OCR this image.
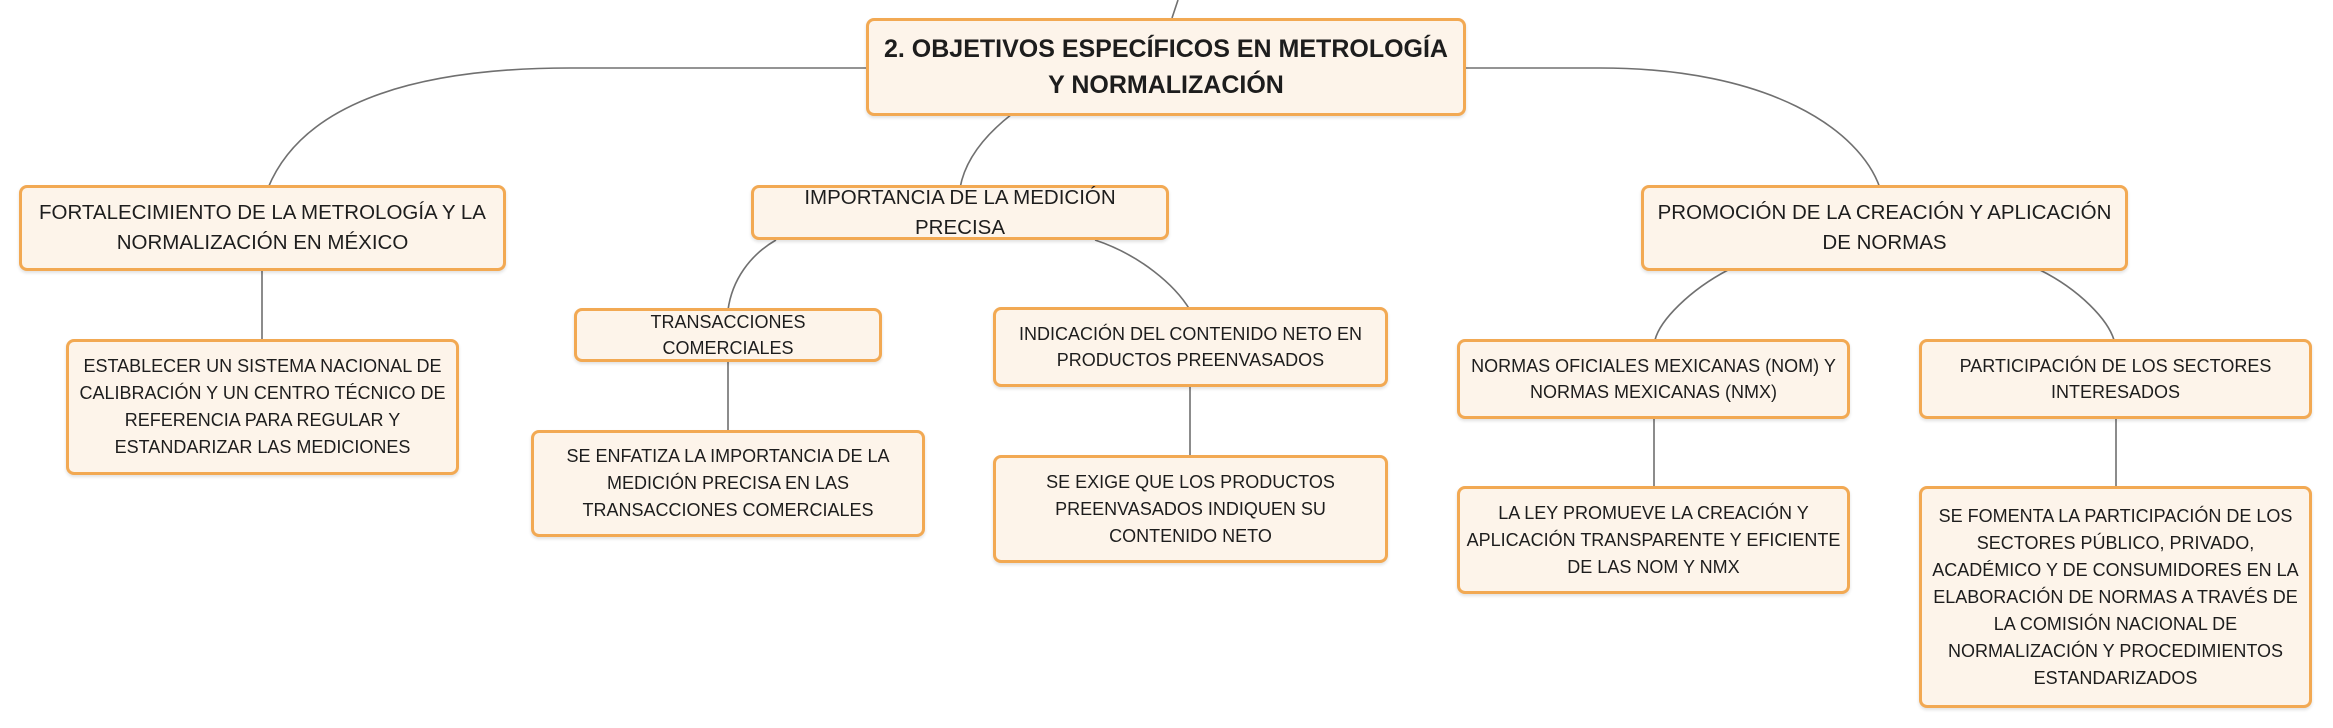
2. OBJETIVOS ESPECÍFICOS EN METROLOGÍA Y NORMALIZACIÓN
FORTALECIMIENTO DE LA METROLOGÍA Y LA NORMALIZACIÓN EN MÉXICO
ESTABLECER UN SISTEMA NACIONAL DE CALIBRACIÓN Y UN CENTRO TÉCNICO DE REFERENCIA PARA REGULAR Y ESTANDARIZAR LAS MEDICIONES
IMPORTANCIA DE LA MEDICIÓN PRECISA
TRANSACCIONES COMERCIALES
SE ENFATIZA LA IMPORTANCIA DE LA MEDICIÓN PRECISA EN LAS TRANSACCIONES COMERCIALES
INDICACIÓN DEL CONTENIDO NETO EN PRODUCTOS PREENVASADOS
SE EXIGE QUE LOS PRODUCTOS PREENVASADOS INDIQUEN SU CONTENIDO NETO
PROMOCIÓN DE LA CREACIÓN Y APLICACIÓN DE NORMAS
NORMAS OFICIALES MEXICANAS (NOM) Y NORMAS MEXICANAS (NMX)
LA LEY PROMUEVE LA CREACIÓN Y APLICACIÓN TRANSPARENTE Y EFICIENTE DE LAS NOM Y NMX
PARTICIPACIÓN DE LOS SECTORES INTERESADOS
SE FOMENTA LA PARTICIPACIÓN DE LOS SECTORES PÚBLICO, PRIVADO, ACADÉMICO Y DE CONSUMIDORES EN LA ELABORACIÓN DE NORMAS A TRAVÉS DE LA COMISIÓN NACIONAL DE NORMALIZACIÓN Y PROCEDIMIENTOS ESTANDARIZADOS
